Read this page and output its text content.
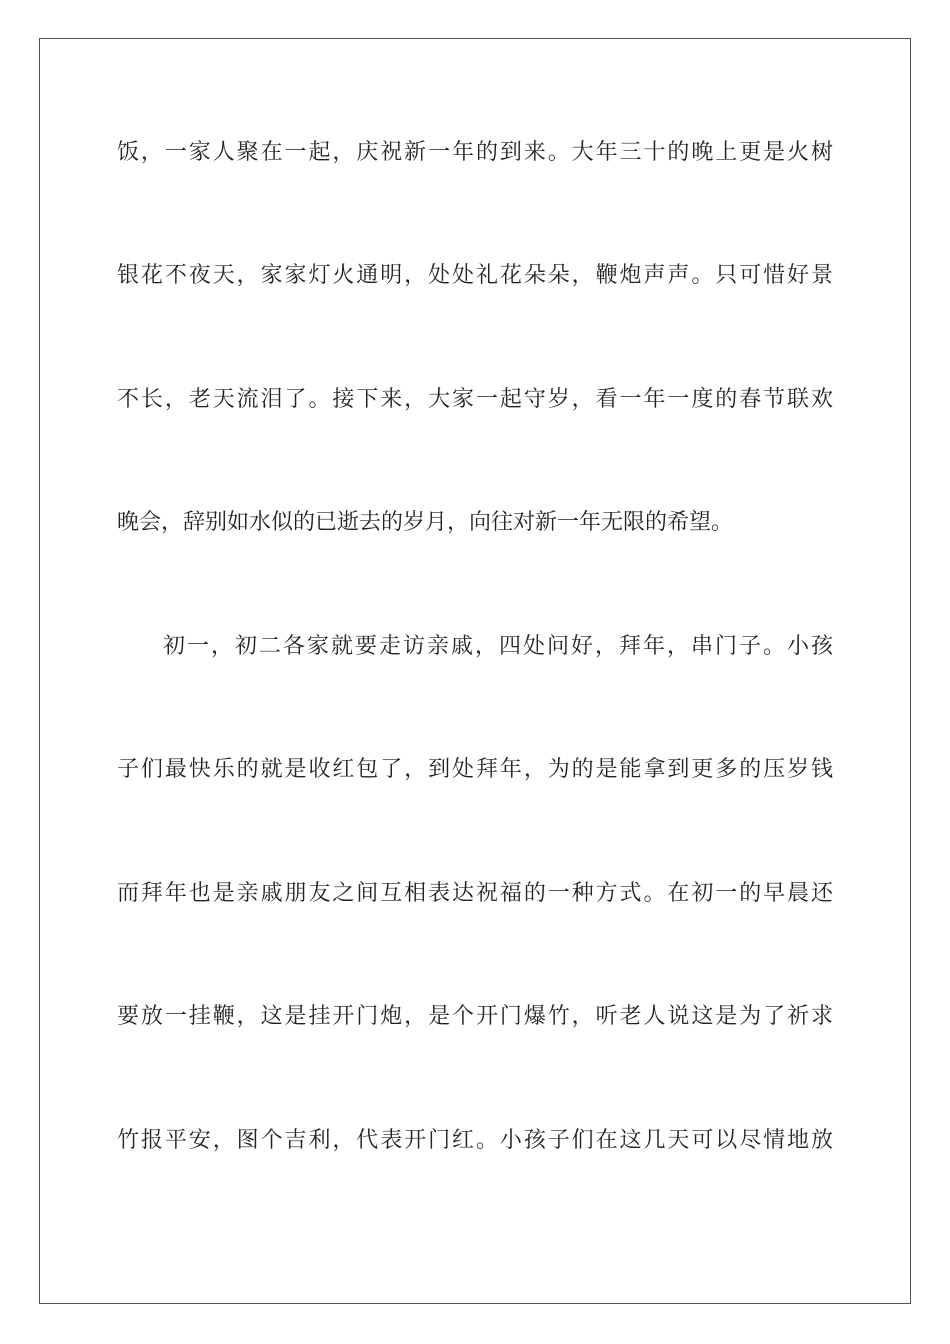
饭，一家人聚在一起，庆祝新一年的到来。大年三十的晚上更是火树
银花不夜天，家家灯火通明，处处礼花朵朵，鞭炮声声。只可惜好景
不长，老天流泪了。接下来，大家一起守岁，看一年一度的春节联欢
晚会，辞别如水似的已逝去的岁月，向往对新一年无限的希望。
初一，初二各家就要走访亲戚，四处问好，拜年，串门子。小孩
子们最快乐的就是收红包了，到处拜年，为的是能拿到更多的压岁钱
而拜年也是亲戚朋友之间互相表达祝福的一种方式。在初一的早晨还
要放一挂鞭，这是挂开门炮，是个开门爆竹，听老人说这是为了祈求
竹报平安，图个吉利，代表开门红。小孩子们在这几天可以尽情地放
